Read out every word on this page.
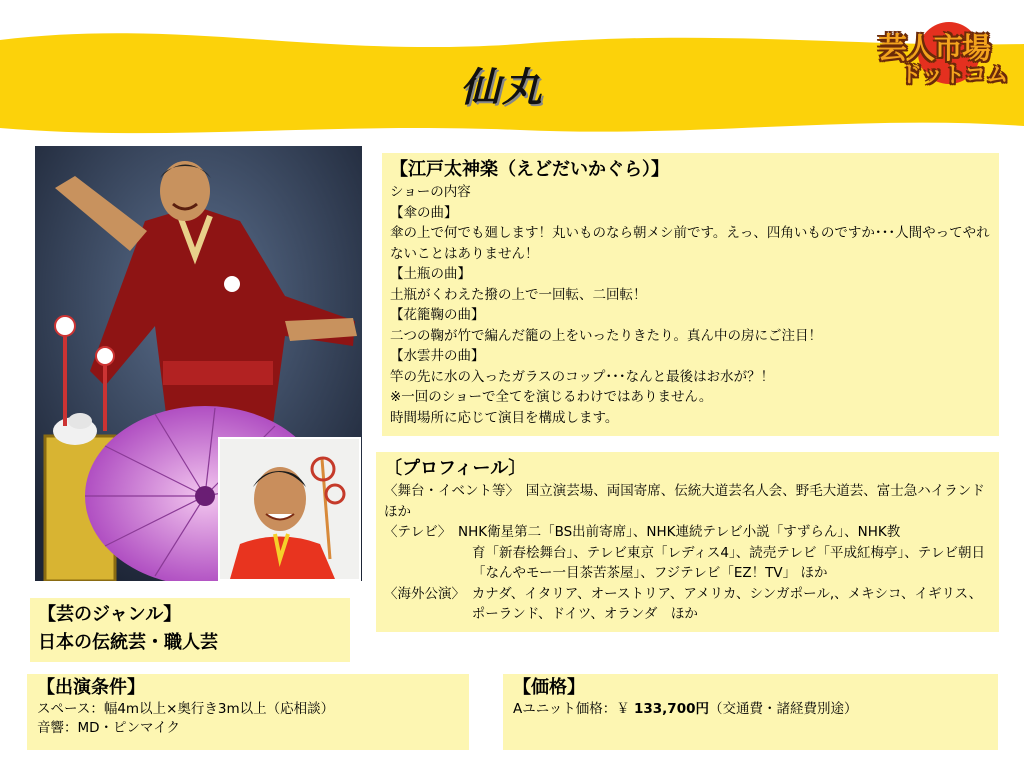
仙丸
芸人市場
ドットコム
【江戸太神楽（えどだいかぐら）】
ショーの内容
【傘の曲】
傘の上で何でも廻します！丸いものなら朝メシ前です。えっ、四角いものですか･･･人間やってやれないことはありません！
【土瓶の曲】
土瓶がくわえた撥の上で一回転、二回転！
【花籠鞠の曲】
二つの鞠が竹で編んだ籠の上をいったりきたり。真ん中の房にご注目！
【水雲井の曲】
竿の先に水の入ったガラスのコップ･･･なんと最後はお水が？！
※一回のショーで全てを演じるわけではありません。
時間場所に応じて演目を構成します。
〔プロフィール〕
〈舞台・イベント等〉　国立演芸場、両国寄席、伝統大道芸名人会、野毛大道芸、富士急ハイランド　ほか
〈テレビ〉　NHK衛星第二「BS出前寄席」、NHK連続テレビ小説「すずらん」、NHK教
育「新春桧舞台」、テレビ東京「レディス4」、読売テレビ「平成紅梅亭」、テレビ朝日「なんやモー一目茶苦茶屋」、フジテレビ「EZ！TV」 ほか
〈海外公演〉　 カナダ、イタリア、オーストリア、アメリカ、シンガポール,、メキシコ、イギリス、ポーランド、ドイツ、オランダ　ほか
【芸のジャンル】
日本の伝統芸・職人芸
【出演条件】
スペース：幅4m以上×奥行き3m以上（応相談）
音響：MD・ピンマイク
【価格】
Aユニット価格：￥ 133,700円（交通費・諸経費別途）
